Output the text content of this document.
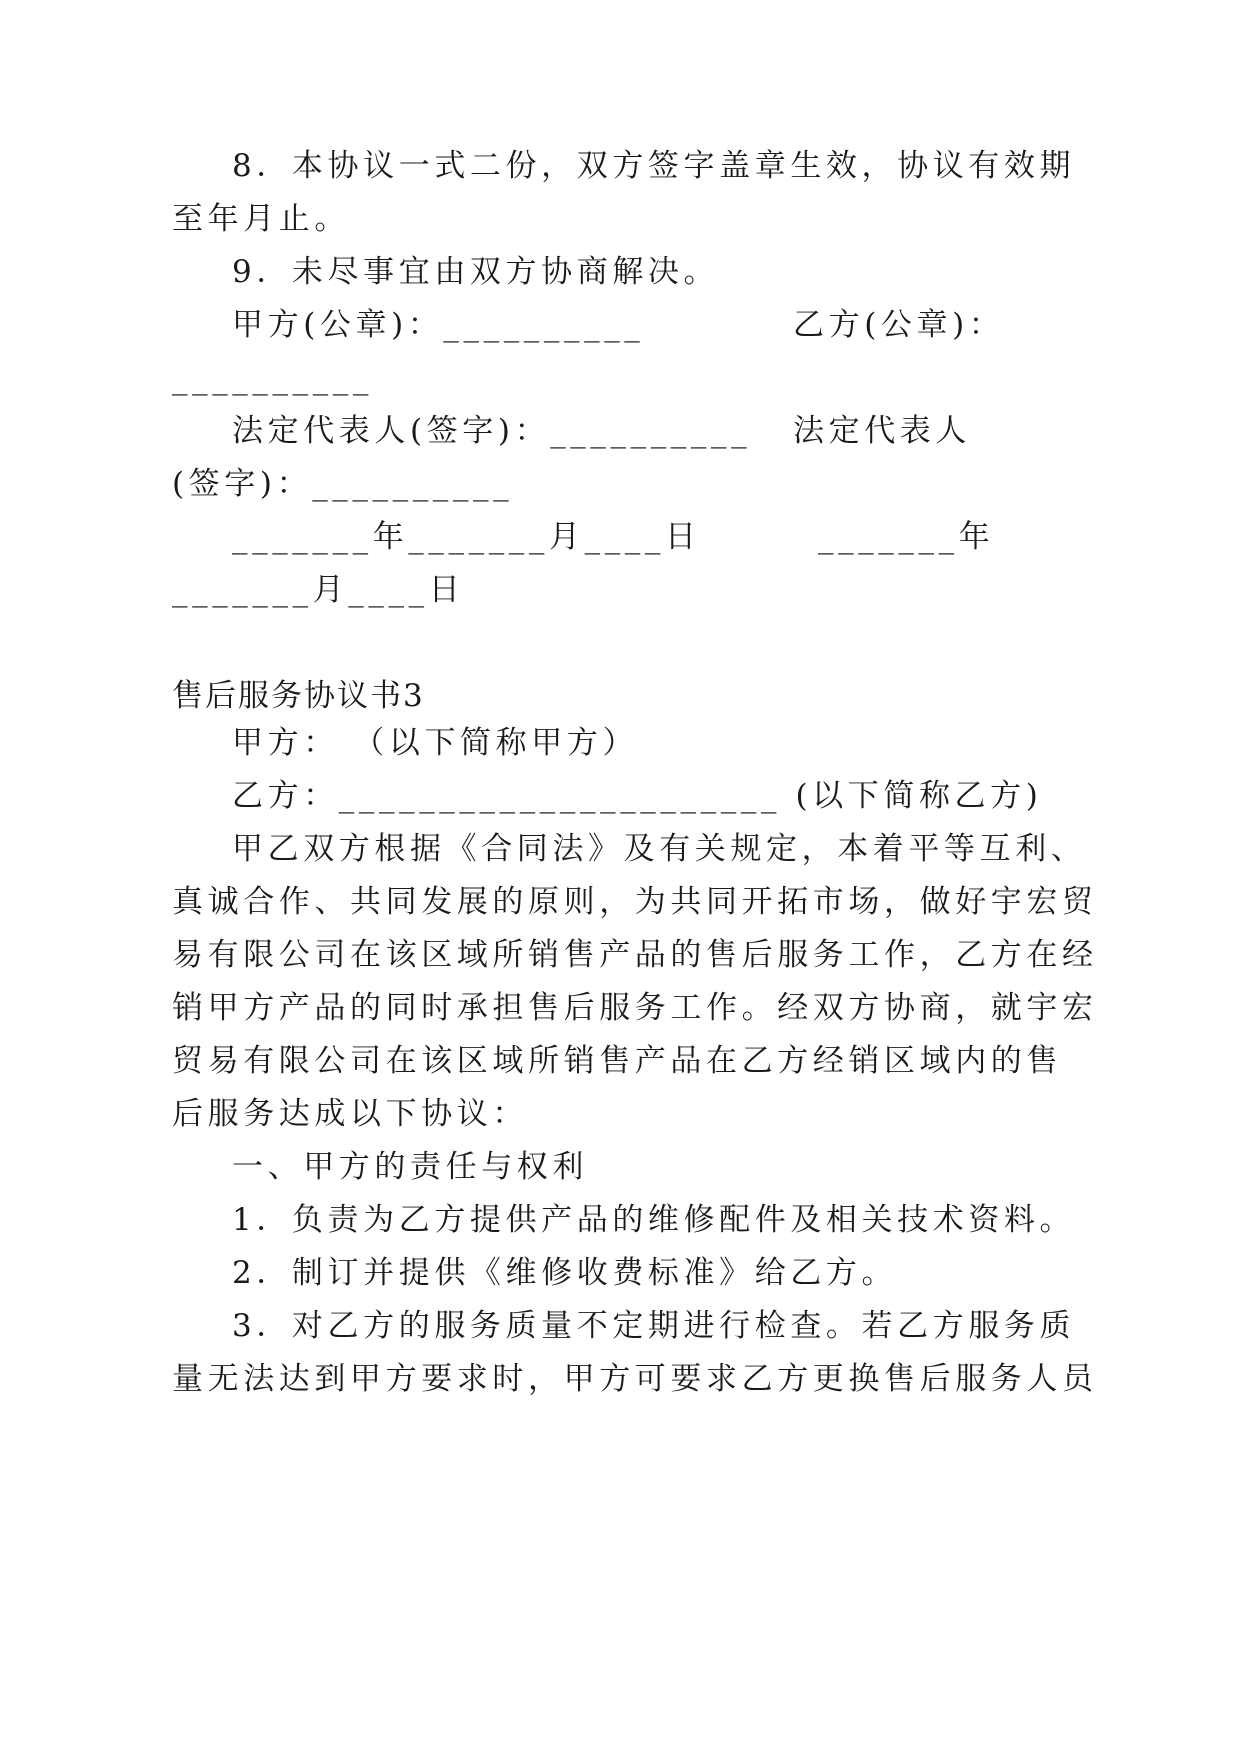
8．本协议一式二份，双方签字盖章生效，协议有效期
至年月止。
9．未尽事宜由双方协商解决。
甲方(公章)：__________	乙方(公章)：
__________
法定代表人(签字)：__________ 法定代表人
(签字)：__________
_______年_______月____日	_______年
_______月____日
售后服务协议书3
甲方： （以下简称甲方）
乙方：______________________ (以下简称乙方)
甲乙双方根据《合同法》及有关规定，本着平等互利、
真诚合作、共同发展的原则，为共同开拓市场，做好宇宏贸
易有限公司在该区域所销售产品的售后服务工作，乙方在经
销甲方产品的同时承担售后服务工作。经双方协商，就宇宏
贸易有限公司在该区域所销售产品在乙方经销区域内的售
后服务达成以下协议：
一、甲方的责任与权利
1．负责为乙方提供产品的维修配件及相关技术资料。
2．制订并提供《维修收费标准》给乙方。
3．对乙方的服务质量不定期进行检查。若乙方服务质
量无法达到甲方要求时，甲方可要求乙方更换售后服务人员
